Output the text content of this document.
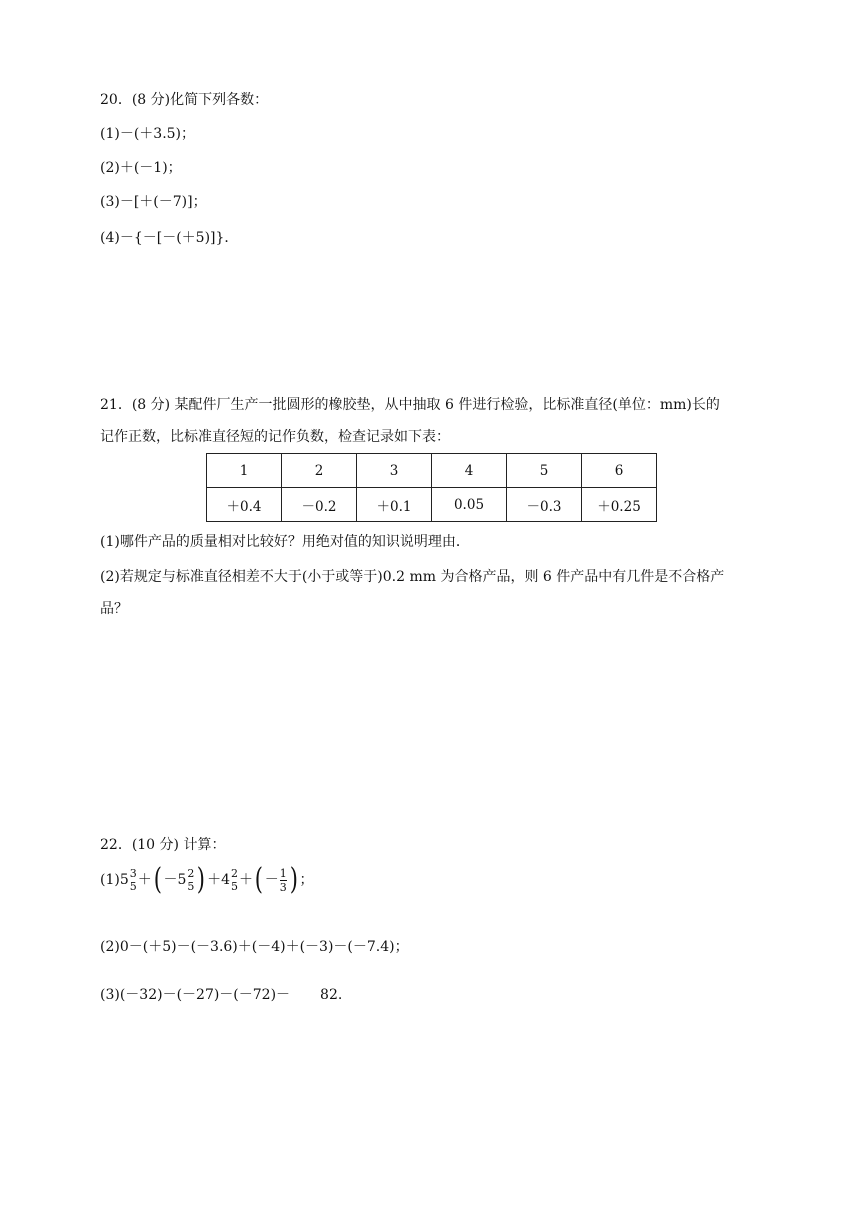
20．(8 分)化简下列各数：
(1)－(＋3.5)；
(2)＋(－1)；
(3)－[＋(－7)]；
(4)－{－[－(＋5)]}．
21．(8 分) 某配件厂生产一批圆形的橡胶垫，从中抽取 6 件进行检验，比标准直径(单位：mm)长的
记作正数，比标准直径短的记作负数，检查记录如下表：
1	2	3	4	5	6
＋0.4	－0.2	＋0.1	0.05	－0.3	＋0.25
(1)哪件产品的质量相对比较好？用绝对值的知识说明理由．
(2)若规定与标准直径相差不大于(小于或等于)0.2 mm 为合格产品，则 6 件产品中有几件是不合格产
品？
22．(10 分) 计算：
(1)5 3
5 ＋( －5 2
5 ) ＋4 2
5 ＋( － $\frac{1}{3}$ ) ；
(2)0－(＋5)－(－3.6)＋(－4)＋(－3)－(－7.4)；
(3)(－32)－(－27)－(－72)－ 82.
